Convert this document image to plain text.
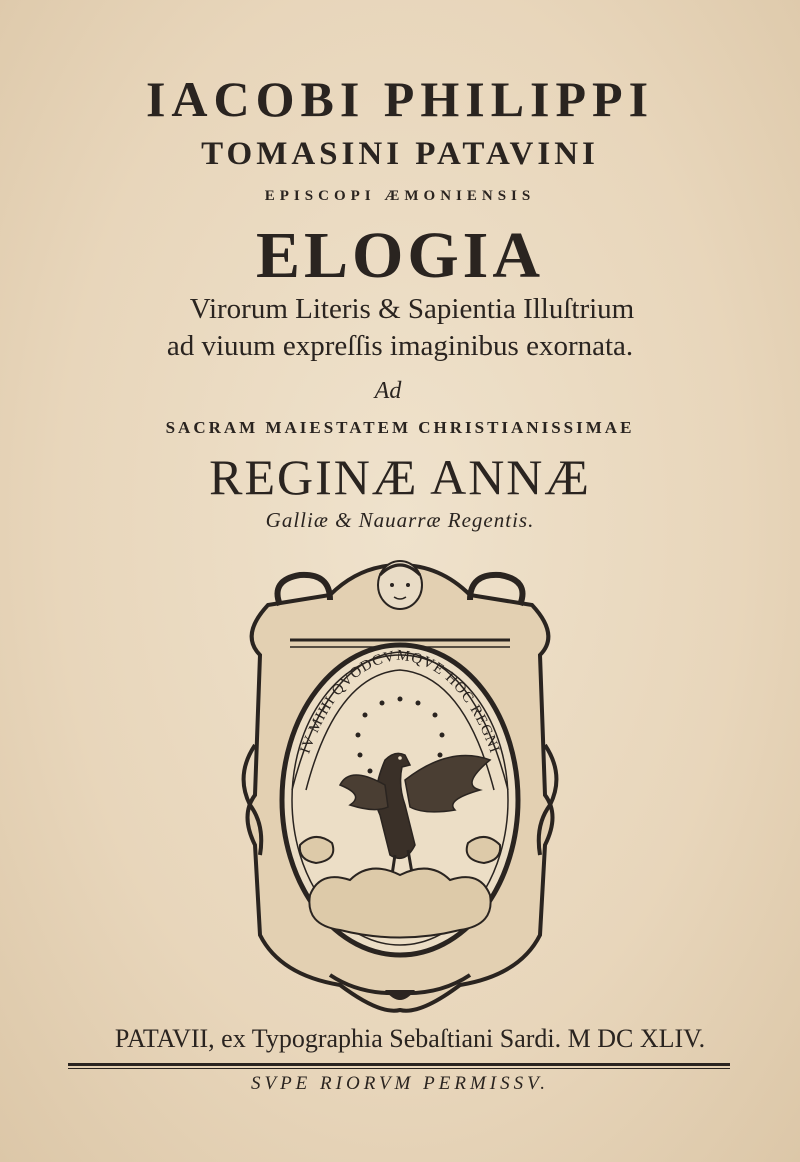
IACOBI PHILIPPI
TOMASINI PATAVINI
EPISCOPI ÆMONIENSIS
ELOGIA
Virorum Literis & Sapientia Illuſtrium
ad viuum expreſſis imaginibus exornata.
Ad
SACRAM MAIESTATEM CHRISTIANISSIMAE
REGINÆ ANNÆ
Galliæ & Nauarræ Regentis.
IV MIHI QVODCVMQVE HOC REGNI
PATAVII, ex Typographia Sebaſtiani Sardi. M DC XLIV.
SVPE RIORVM PERMISSV.
